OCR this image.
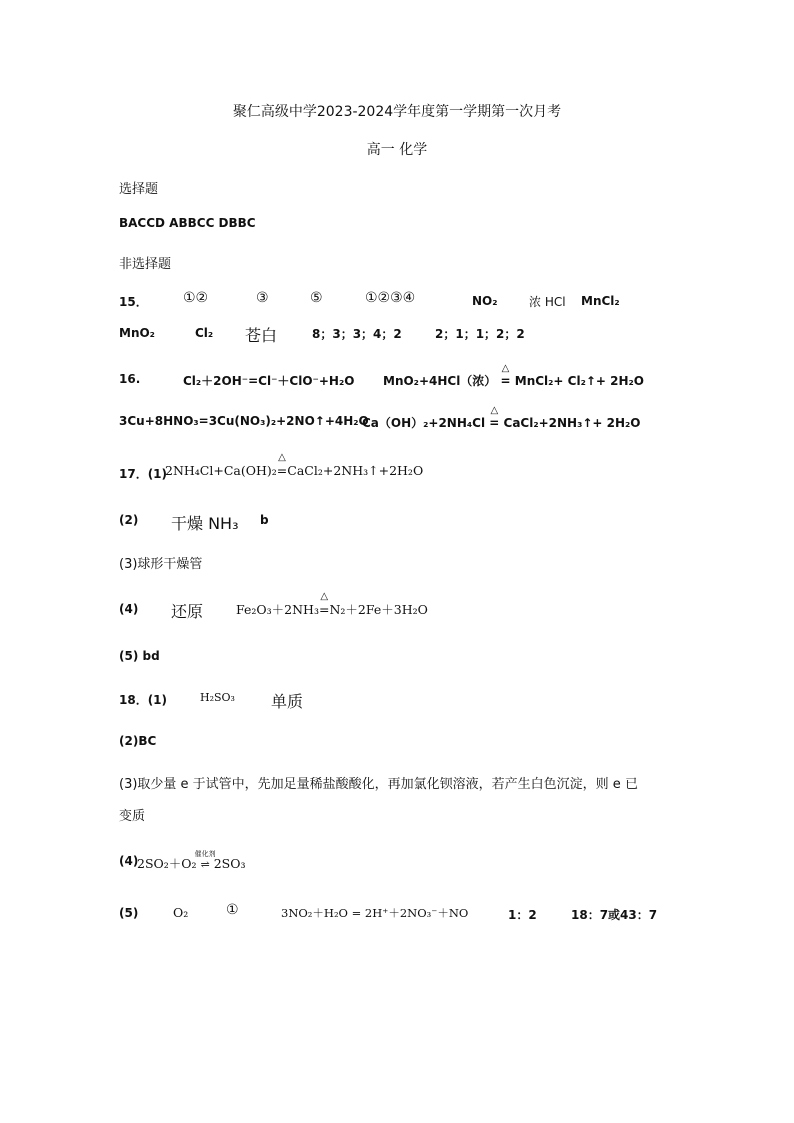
聚仁高级中学2023-2024学年度第一学期第一次月考
高一 化学
选择题
BACCD ABBCC DBBC
非选择题
15．	①②	③	⑤	①②③④	NO₂	浓 HCl MnCl₂
MnO₂	Cl₂ 苍白	8；3；3；4；2	2；1；1；2；2
16.	Cl₂＋2OH⁻=Cl⁻＋ClO⁻+H₂O MnO₂+4HCl（浓）
△
= MnCl₂+ Cl₂↑+ 2H₂O
3Cu+8HNO₃=3Cu(NO₃)₂+2NO↑+4H₂O
Ca（OH）₂+2NH₄Cl
△
= CaCl₂+2NH₃↑+ 2H₂O
17．(1)
2NH₄Cl+Ca(OH)₂
△
=CaCl₂+2NH₃↑+2H₂O
(2) 干燥 NH₃ b
(3)球形干燥管
(4) 还原	Fe₂O₃＋2NH₃
△
=N₂＋2Fe＋3H₂O
(5) bd
18．(1)	H₂SO₃ 单质
(2)BC
(3)取少量 e 于试管中，先加足量稀盐酸酸化，再加氯化钡溶液，若产生白色沉淀，则 e 已
变质
(4)
2SO₂＋O₂
催化剂
⇌ 2SO₃
(5)	O₂	①	3NO₂＋H₂O = 2H⁺＋2NO₃⁻＋NO	1：2	18：7或43：7
